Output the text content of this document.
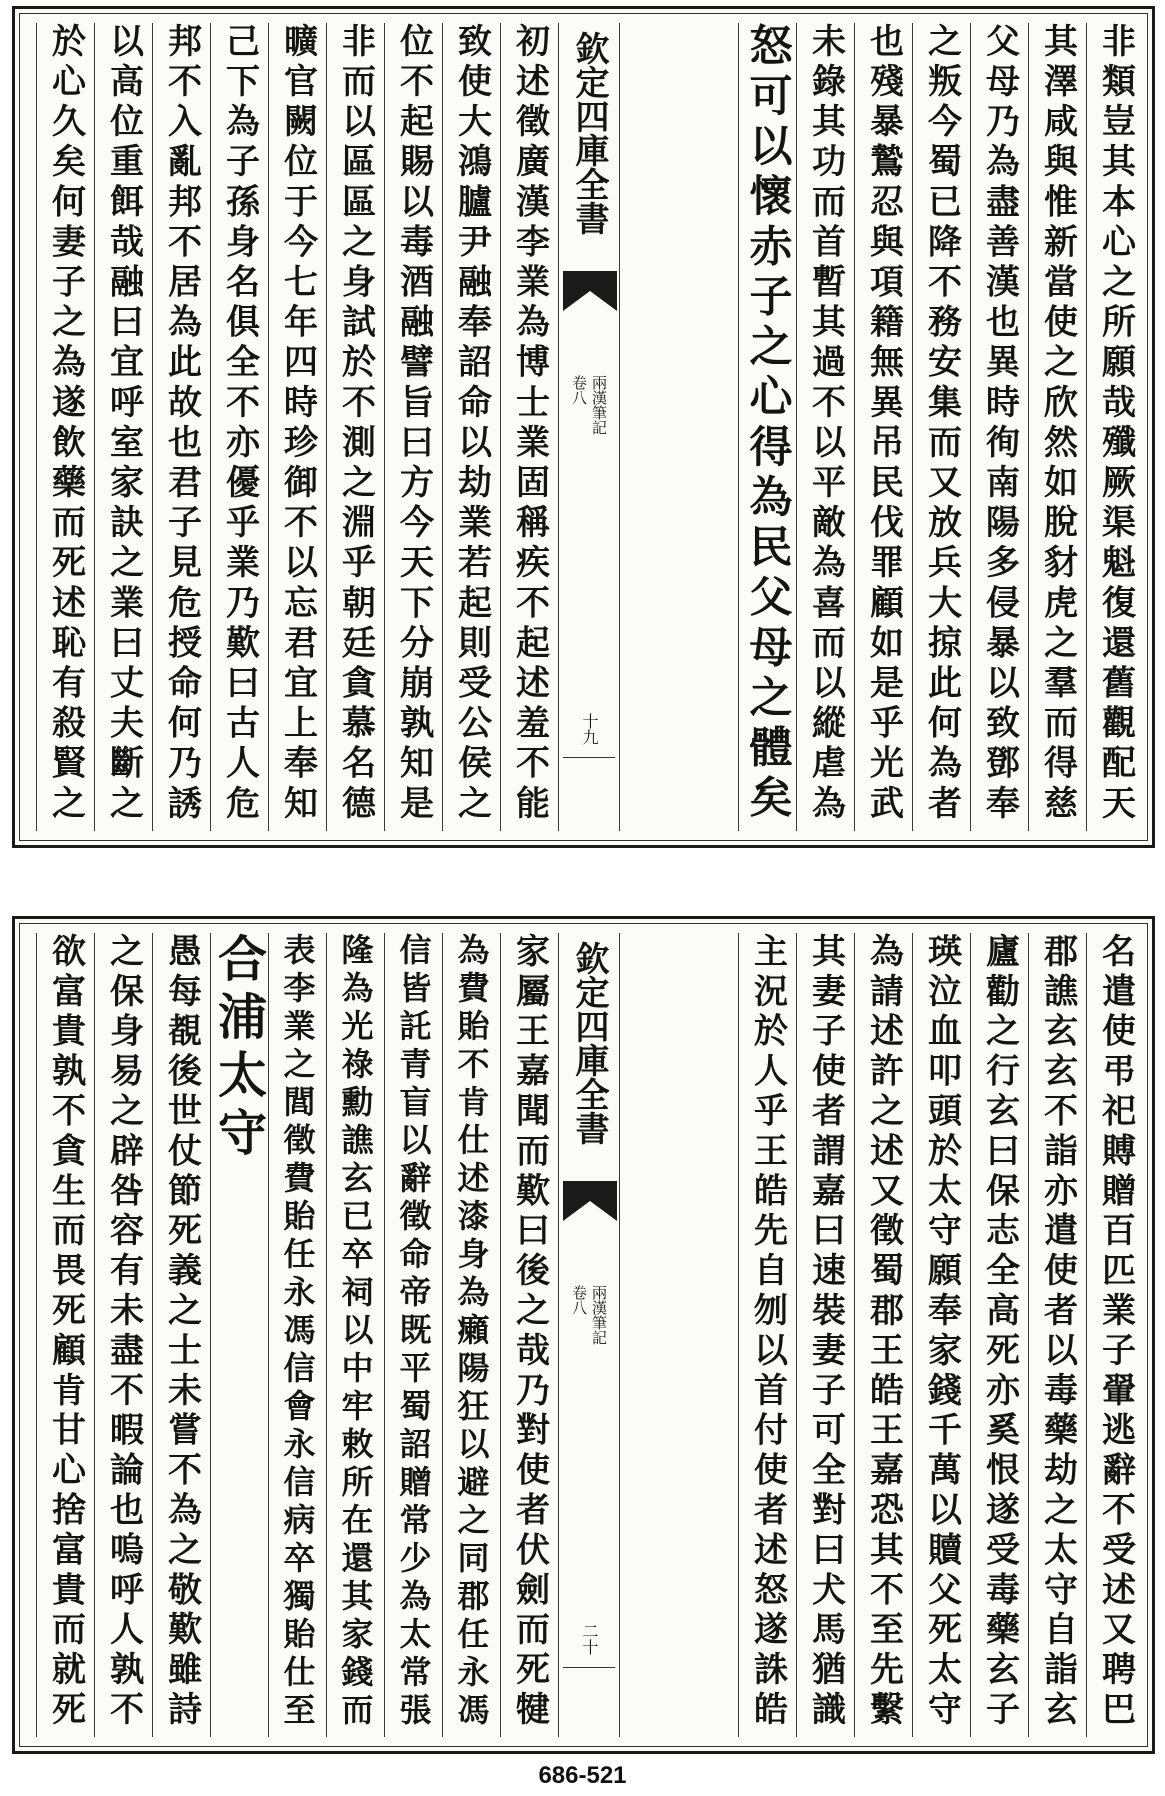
欽定四庫全書
卷八 兩漢筆記
十九	非類豈其本心之所願哉殲厥渠魁復還舊觀配天
其澤咸與惟新當使之欣然如脫豺虎之羣而得慈
父母乃為盡善漢也異時徇南陽多侵暴以致鄧奉
之叛今蜀已降不務安集而又放兵大掠此何為者
也殘暴鷙忍與項籍無異吊民伐罪顧如是乎光武
未錄其功而首暫其過不以平敵為喜而以縱虐為
怒可以懷赤子之心得為民父母之體矣
初述徵廣漢李業為博士業固稱疾不起述羞不能
致使大鴻臚尹融奉詔命以劫業若起則受公侯之
位不起賜以毒酒融譬旨曰方今天下分崩孰知是
非而以區區之身試於不測之淵乎朝廷貪慕名德
曠官闕位于今七年四時珍御不以忘君宜上奉知
己下為子孫身名俱全不亦優乎業乃歎曰古人危
邦不入亂邦不居為此故也君子見危授命何乃誘
以高位重餌哉融曰宜呼室家訣之業曰丈夫斷之
於心久矣何妻子之為遂飲藥而死述恥有殺賢之
欽定四庫全書
卷八 兩漢筆記
二十	名遣使弔祀賻贈百匹業子翬逃辭不受述又聘巴
郡譙玄玄不詣亦遣使者以毒藥劫之太守自詣玄
廬勸之行玄曰保志全高死亦奚恨遂受毒藥玄子
瑛泣血叩頭於太守願奉家錢千萬以贖父死太守
為請述許之述又徵蜀郡王皓王嘉恐其不至先繫
其妻子使者謂嘉曰速裝妻子可全對曰犬馬猶識
主況於人乎王皓先自刎以首付使者述怒遂誅皓
家屬王嘉聞而歎曰後之哉乃對使者伏劍而死犍
為費貽不肯仕述漆身為癩陽狂以避之同郡任永馮
信皆託青盲以辭徵命帝既平蜀詔贈常少為太常張
隆為光祿勳譙玄已卒祠以中牢敕所在還其家錢而
表李業之閭徵費貽任永馮信會永信病卒獨貽仕至
合浦太守
愚每覩後世仗節死義之士未嘗不為之敬歎雖詩
之保身易之辟咎容有未盡不暇論也嗚呼人孰不
欲富貴孰不貪生而畏死顧肯甘心捨富貴而就死
686-521
